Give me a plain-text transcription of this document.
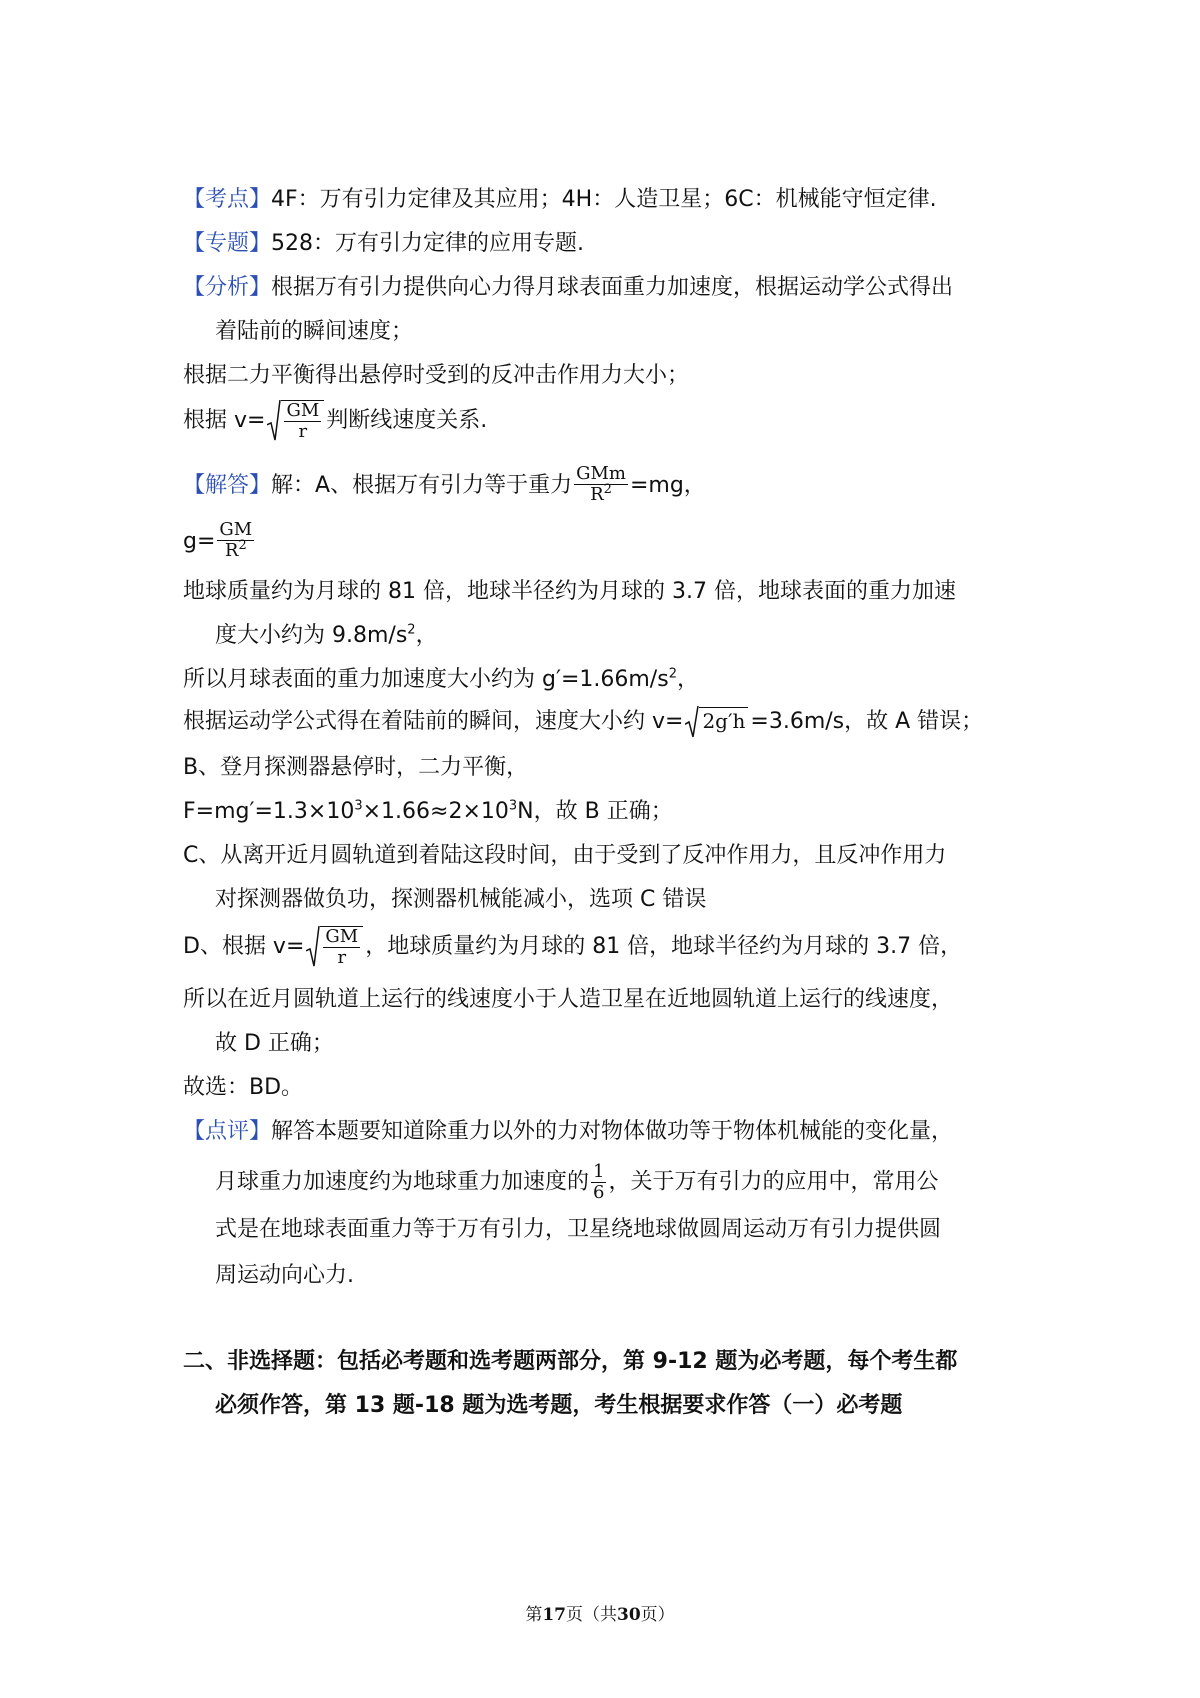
【考点】4F：万有引力定律及其应用；4H：人造卫星；6C：机械能守恒定律.
【专题】528：万有引力定律的应用专题.
【分析】根据万有引力提供向心力得月球表面重力加速度，根据运动学公式得出
着陆前的瞬间速度；
根据二力平衡得出悬停时受到的反冲击作用力大小；
根据 $v= \frac{GM}{r}$ 判断线速度关系.
【解答】解：A、根据万有引力等于重力 $\frac{\text{GMm}}{R^2} =mg$，
$g= \frac{GM}{R^2}$
地球质量约为月球的 81 倍，地球半径约为月球的 3.7 倍，地球表面的重力加速
度大小约为 $9.8m/s^2$，
所以月球表面的重力加速度大小约为 $g'=1.66m/s^2$，
根据运动学公式得在着陆前的瞬间，速度大小约 v= 2g′h =3.6m/s，故 A 错误；
B、登月探测器悬停时，二力平衡，
$F=mg'=1.3\times 10^3\times 1.66\approx 2\times 10^3N$，故 B 正确；
C、从离开近月圆轨道到着陆这段时间，由于受到了反冲作用力，且反冲作用力
对探测器做负功，探测器机械能减小，选项 C 错误
D、根据 $v= \frac{GM}{r}$ ，地球质量约为月球的 81 倍，地球半径约为月球的 3.7 倍，
所以在近月圆轨道上运行的线速度小于人造卫星在近地圆轨道上运行的线速度，
故 D 正确；
故选：BD。
【点评】解答本题要知道除重力以外的力对物体做功等于物体机械能的变化量，
月球重力加速度约为地球重力加速度的 $\frac{1}{6}$ ，关于万有引力的应用中，常用公
式是在地球表面重力等于万有引力，卫星绕地球做圆周运动万有引力提供圆
周运动向心力.
二、非选择题：包括必考题和选考题两部分，第 9-12 题为必考题，每个考生都
必须作答，第 13 题-18 题为选考题，考生根据要求作答（一）必考题
第17页（共30页）
